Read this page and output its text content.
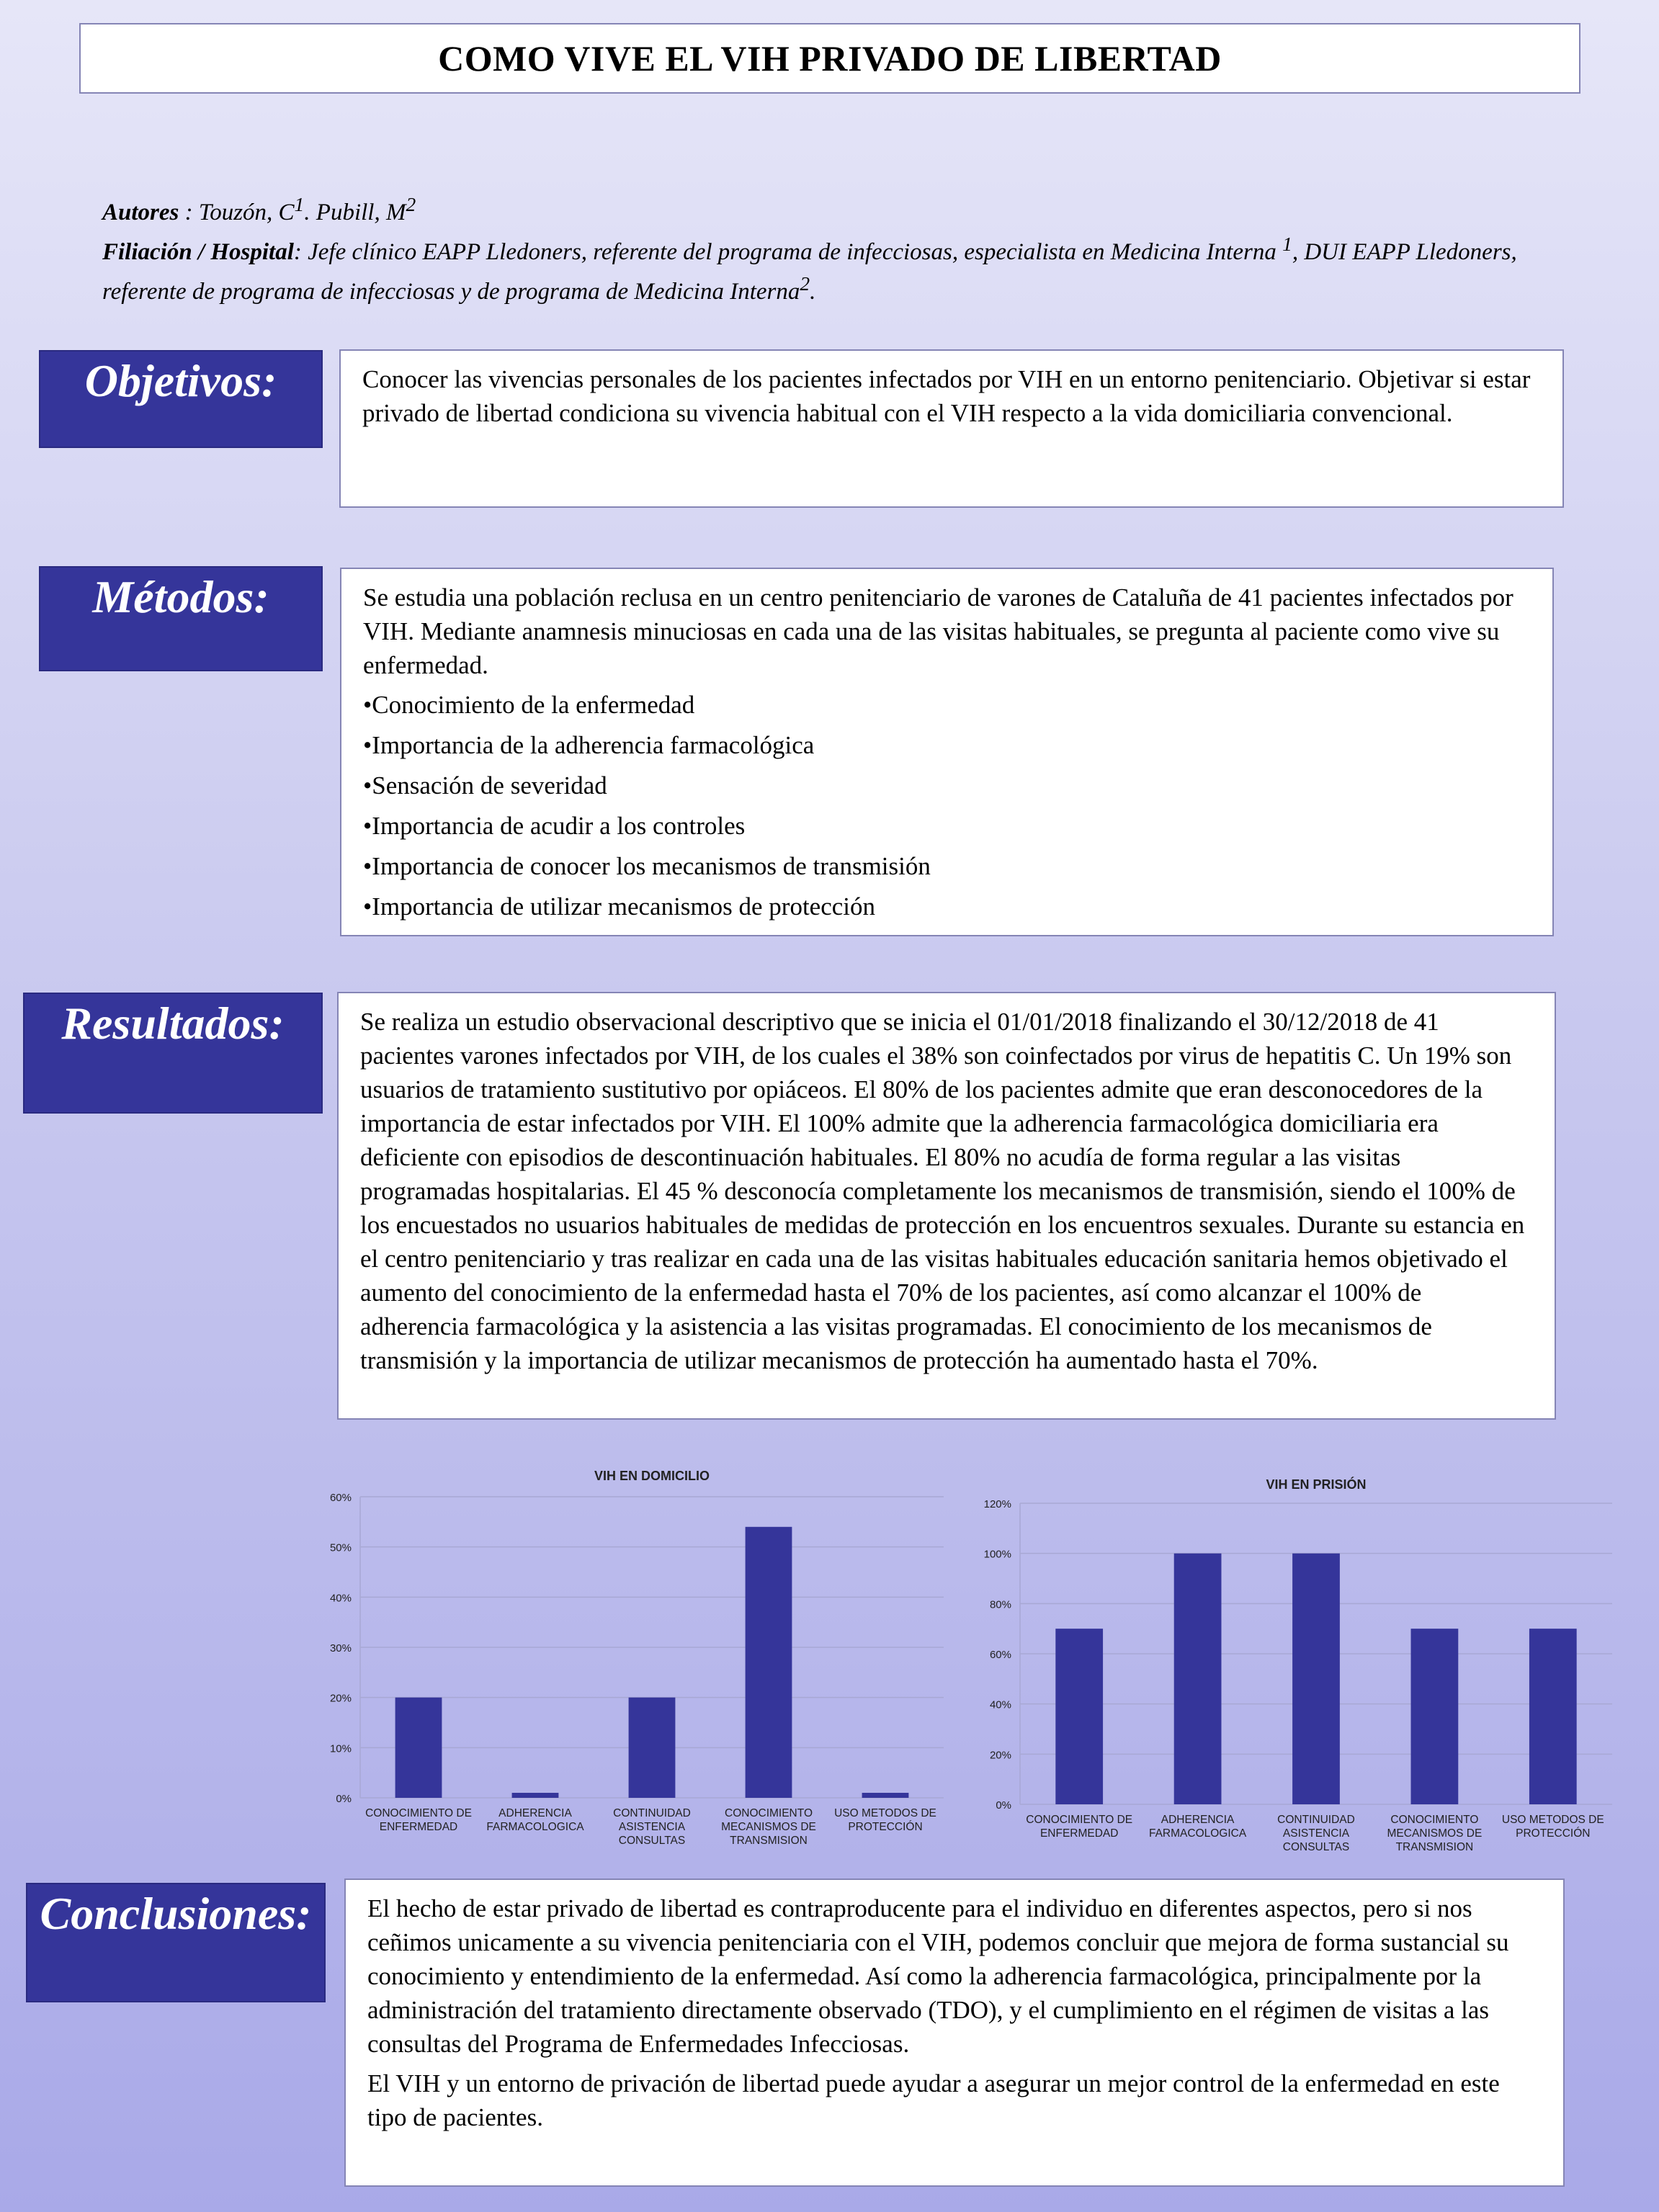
COMO VIVE EL VIH PRIVADO DE LIBERTAD
Autores : Touzón, $C^1$. Pubill, $M^2$
Filiación / Hospital: Jefe clínico EAPP Lledoners, referente del programa de infecciosas, especialista en Medicina Interna $^1$, DUI EAPP Lledoners, referente de programa de infecciosas y de programa de Medicina Interna$^2$.
Objetivos:	Conocer las vivencias personales de los pacientes infectados por VIH en un entorno penitenciario. Objetivar si estar privado de libertad condiciona su vivencia habitual con el VIH respecto a la vida domiciliaria convencional.

Métodos:	Se estudia una población reclusa en un centro penitenciario de varones de Cataluña de 41 pacientes infectados por VIH. Mediante anamnesis minuciosas en cada una de las visitas habituales, se pregunta al paciente como vive su enfermedad.

•Conocimiento de la enfermedad
•Importancia de la adherencia farmacológica
•Sensación de severidad
•Importancia de acudir a los controles
•Importancia de conocer los mecanismos de transmisión
•Importancia de utilizar mecanismos de protección
Resultados:	Se realiza un estudio observacional descriptivo que se inicia el 01/01/2018 finalizando el 30/12/2018 de 41 pacientes varones infectados por VIH, de los cuales el 38% son coinfectados por virus de hepatitis C. Un 19% son usuarios de tratamiento sustitutivo por opiáceos. El 80% de los pacientes admite que eran desconocedores de la importancia de estar infectados por VIH. El 100% admite que la adherencia farmacológica domiciliaria era deficiente con episodios de descontinuación habituales. El 80% no acudía de forma regular a las visitas programadas hospitalarias. El 45 % desconocía completamente los mecanismos de transmisión, siendo el 100% de los encuestados no usuarios habituales de medidas de protección en los encuentros sexuales. Durante su estancia en el centro penitenciario y tras realizar en cada una de las visitas habituales educación sanitaria hemos objetivado el aumento del conocimiento de la enfermedad hasta el 70% de los pacientes, así como alcanzar el 100% de adherencia farmacológica y la asistencia a las visitas programadas. El conocimiento de los mecanismos de transmisión y la importancia de utilizar mecanismos de protección ha aumentado hasta el 70%.

VIH EN DOMICILIO
0%
10%
20%
30%
40%
50%
60%
CONOCIMIENTO DE
ENFERMEDAD
ADHERENCIA
FARMACOLOGICA
CONTINUIDAD
ASISTENCIA
CONSULTAS
CONOCIMIENTO
MECANISMOS DE
TRANSMISION
USO METODOS DE
PROTECCIÓN
VIH EN PRISIÓN
0%
20%
40%
60%
80%
100%
120%
CONOCIMIENTO DE
ENFERMEDAD
ADHERENCIA
FARMACOLOGICA
CONTINUIDAD
ASISTENCIA
CONSULTAS
CONOCIMIENTO
MECANISMOS DE
TRANSMISION
USO METODOS DE
PROTECCIÓN
Conclusiones:	El hecho de estar privado de libertad es contraproducente para el individuo en diferentes aspectos, pero si nos ceñimos unicamente a su vivencia penitenciaria con el VIH, podemos concluir que mejora de forma sustancial su conocimiento y entendimiento de la enfermedad. Así como la adherencia farmacológica, principalmente por la administración del tratamiento directamente observado (TDO), y el cumplimiento en el régimen de visitas a las consultas del Programa de Enfermedades Infecciosas.

El VIH y un entorno de privación de libertad puede ayudar a asegurar un mejor control de la enfermedad en este tipo de pacientes.
